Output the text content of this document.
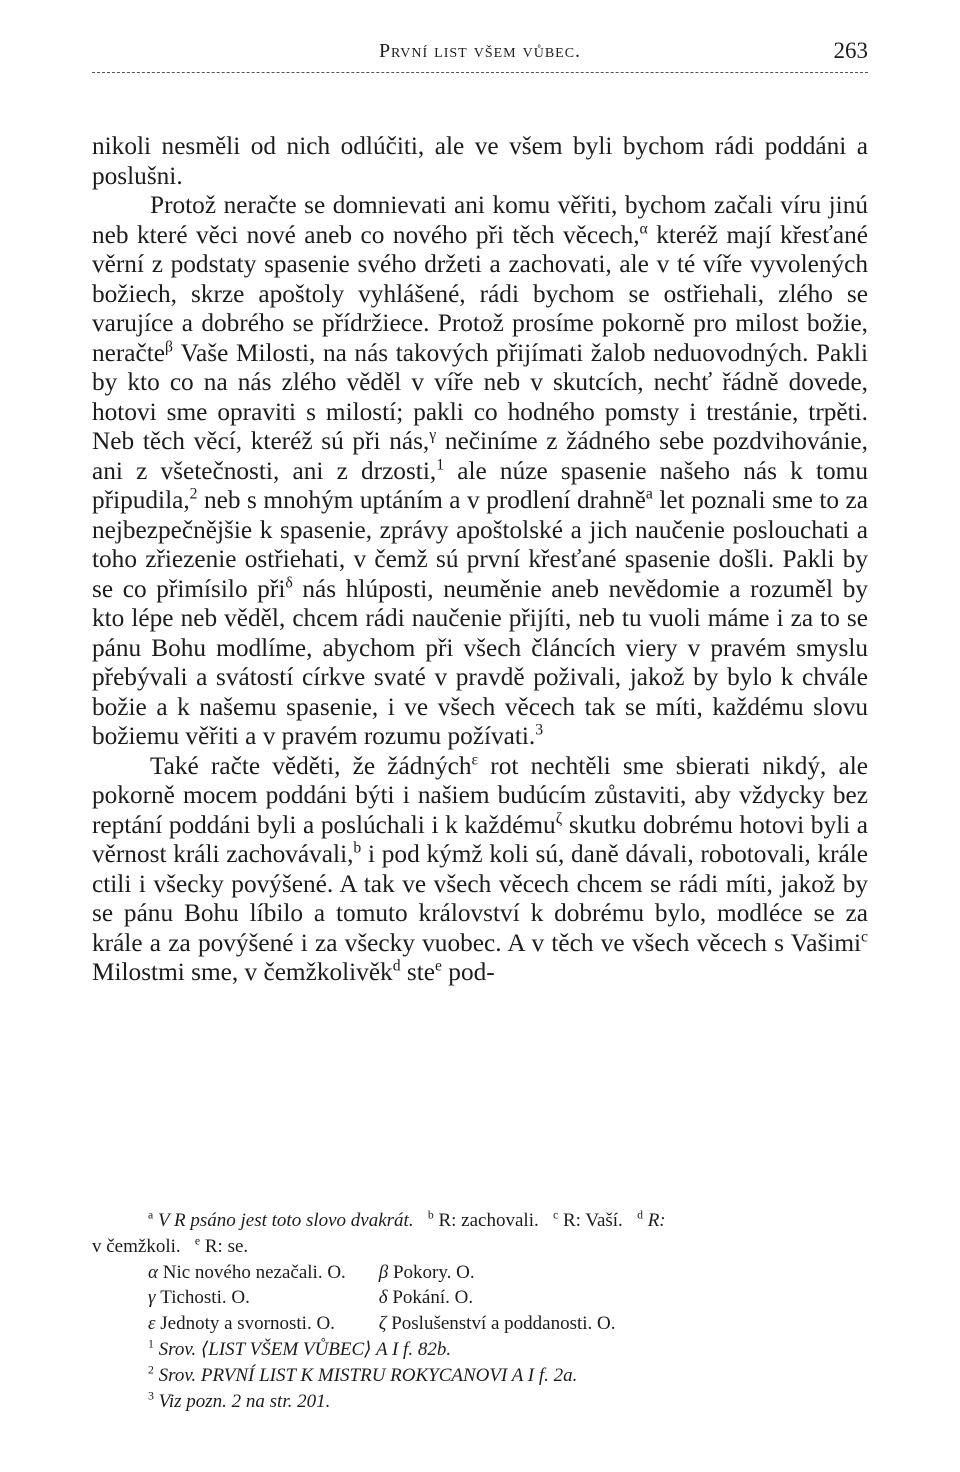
První list všem vůbec.	263

nikoli nesměli od nich odlúčiti, ale ve všem byli bychom rádi poddáni a poslušni.

Protož neračte se domnievati ani komu věřiti, bychom začali víru jinú neb které věci nové aneb co nového při těch věcech,$^\alpha$ kteréž mají křesťané věrní z podstaty spasenie svého držeti a zachovati, ale v té víře vyvolených božiech, skrze apoštoly vyhlášené, rádi bychom se ostřiehali, zlého se varujíce a dobrého se přídržiece. Protož prosíme pokorně pro milost božie, neračte$^\beta$ Vaše Milosti, na nás takových přijímati žalob neduovodných. Pakli by kto co na nás zlého věděl v víře neb v skutcích, nechť řádně dovede, hotovi sme opraviti s milostí; pakli co hodného pomsty i trestánie, trpěti. Neb těch věcí, kteréž sú při nás,$^\gamma$ nečiníme z žádného sebe pozdvihovánie, ani z všetečnosti, ani z drzosti,$^1$ ale núze spasenie našeho nás k tomu připudila,$^2$ neb s mnohým uptáním a v prodlení drahně$^a$ let poznali sme to za nejbezpečnějšie k spasenie, zprávy apoštolské a jich naučenie poslouchati a toho zřiezenie ostřiehati, v čemž sú první křesťané spasenie došli. Pakli by se co přimísilo při$^\delta$ nás hlúposti, neuměnie aneb nevědomie a rozuměl by kto lépe neb věděl, chcem rádi naučenie přijíti, neb tu vuoli máme i za to se pánu Bohu modlíme, abychom při všech článcích viery v pravém smyslu přebývali a svátostí církve svaté v pravdě poživali, jakož by bylo k chvále božie a k našemu spasenie, i ve všech věcech tak se míti, každému slovu božiemu věřiti a v pravém rozumu požívati.$^3$

Také račte věděti, že žádných$^\varepsilon$ rot nechtěli sme sbierati nikdý, ale pokorně mocem poddáni býti i našiem budúcím zůstaviti, aby vždycky bez reptání poddáni byli a poslúchali i k každému$^\zeta$ skutku dobrému hotovi byli a věrnost králi zachovávali,$^b$ i pod kýmž koli sú, daně dávali, robotovali, krále ctili i všecky povýšené. A tak ve všech věcech chcem se rádi míti, jakož by se pánu Bohu líbilo a tomuto království k dobrému bylo, modléce se za krále a za povýšené i za všecky vuobec. A v těch ve všech věcech s Vašimi$^c$ Milostmi sme, v čemžkolivěk$^d$ ste$^e$ pod-

$^a$ V R psáno jest toto slovo dvakrát. $^b$ R: zachovali. $^c$ R: Vaší. $^d$ R:
v čemžkoli. $^e$ R: se.
α Nic nového nezačali. O. β Pokory. O.
γ Tichosti. O.	δ Pokání. O.
ε Jednoty a svornosti. O. ζ Poslušenství a poddanosti. O.
$^1$ Srov. ⟨LIST VŠEM VŮBEC⟩ A I f. 82b.
$^2$ Srov. PRVNÍ LIST K MISTRU ROKYCANOVI A I f. 2a.
$^3$ Viz pozn. 2 na str. 201.
